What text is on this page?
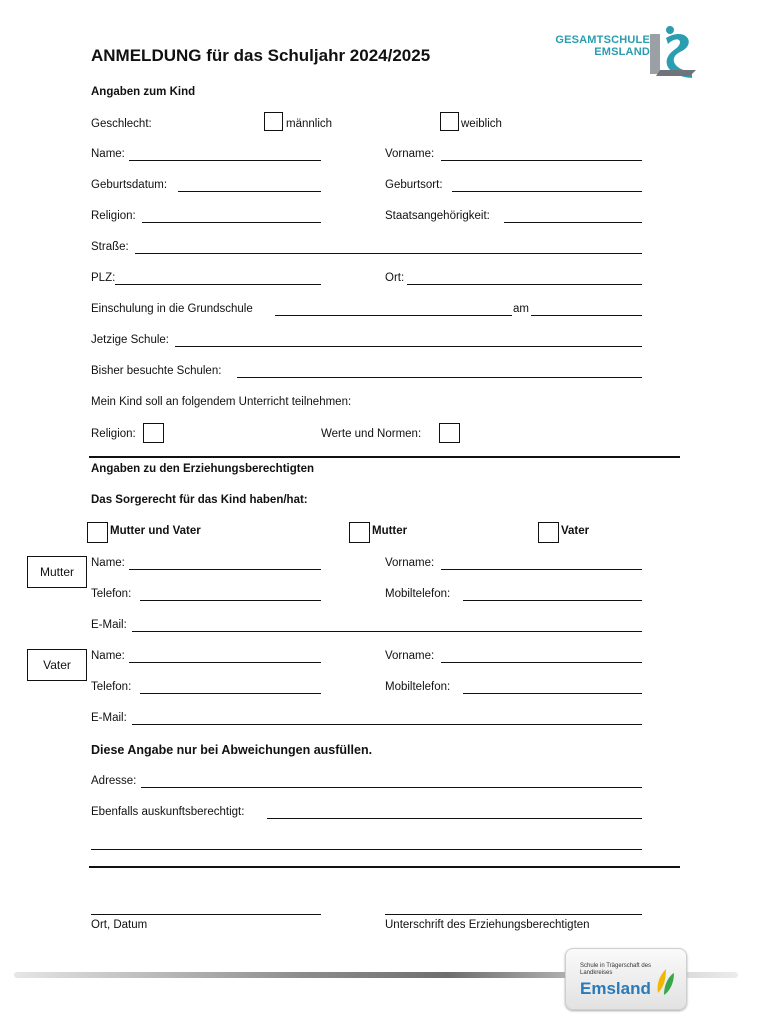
ANMELDUNG für das Schuljahr 2024/2025
GESAMTSCHULE
EMSLAND
Angaben zum Kind
Geschlecht:	männlich	weiblich
Name:	Vorname:
Geburtsdatum:	Geburtsort:
Religion:	Staatsangehörigkeit:
Straße:
PLZ:	Ort:
Einschulung in die Grundschule	am
Jetzige Schule:
Bisher besuchte Schulen:
Mein Kind soll an folgendem Unterricht teilnehmen:
Religion:	Werte und Normen:
Angaben zu den Erziehungsberechtigten
Das Sorgerecht für das Kind haben/hat:
Mutter und Vater	Mutter	Vater
Mutter
Name:	Vorname:
Telefon:	Mobiltelefon:
E-Mail:
Vater
Name:	Vorname:
Telefon:	Mobiltelefon:
E-Mail:
Diese Angabe nur bei Abweichungen ausfüllen.
Adresse:
Ebenfalls auskunftsberechtigt:
Ort, Datum	Unterschrift des Erziehungsberechtigten
Schule in Trägerschaft des Landkreises
Emsland
